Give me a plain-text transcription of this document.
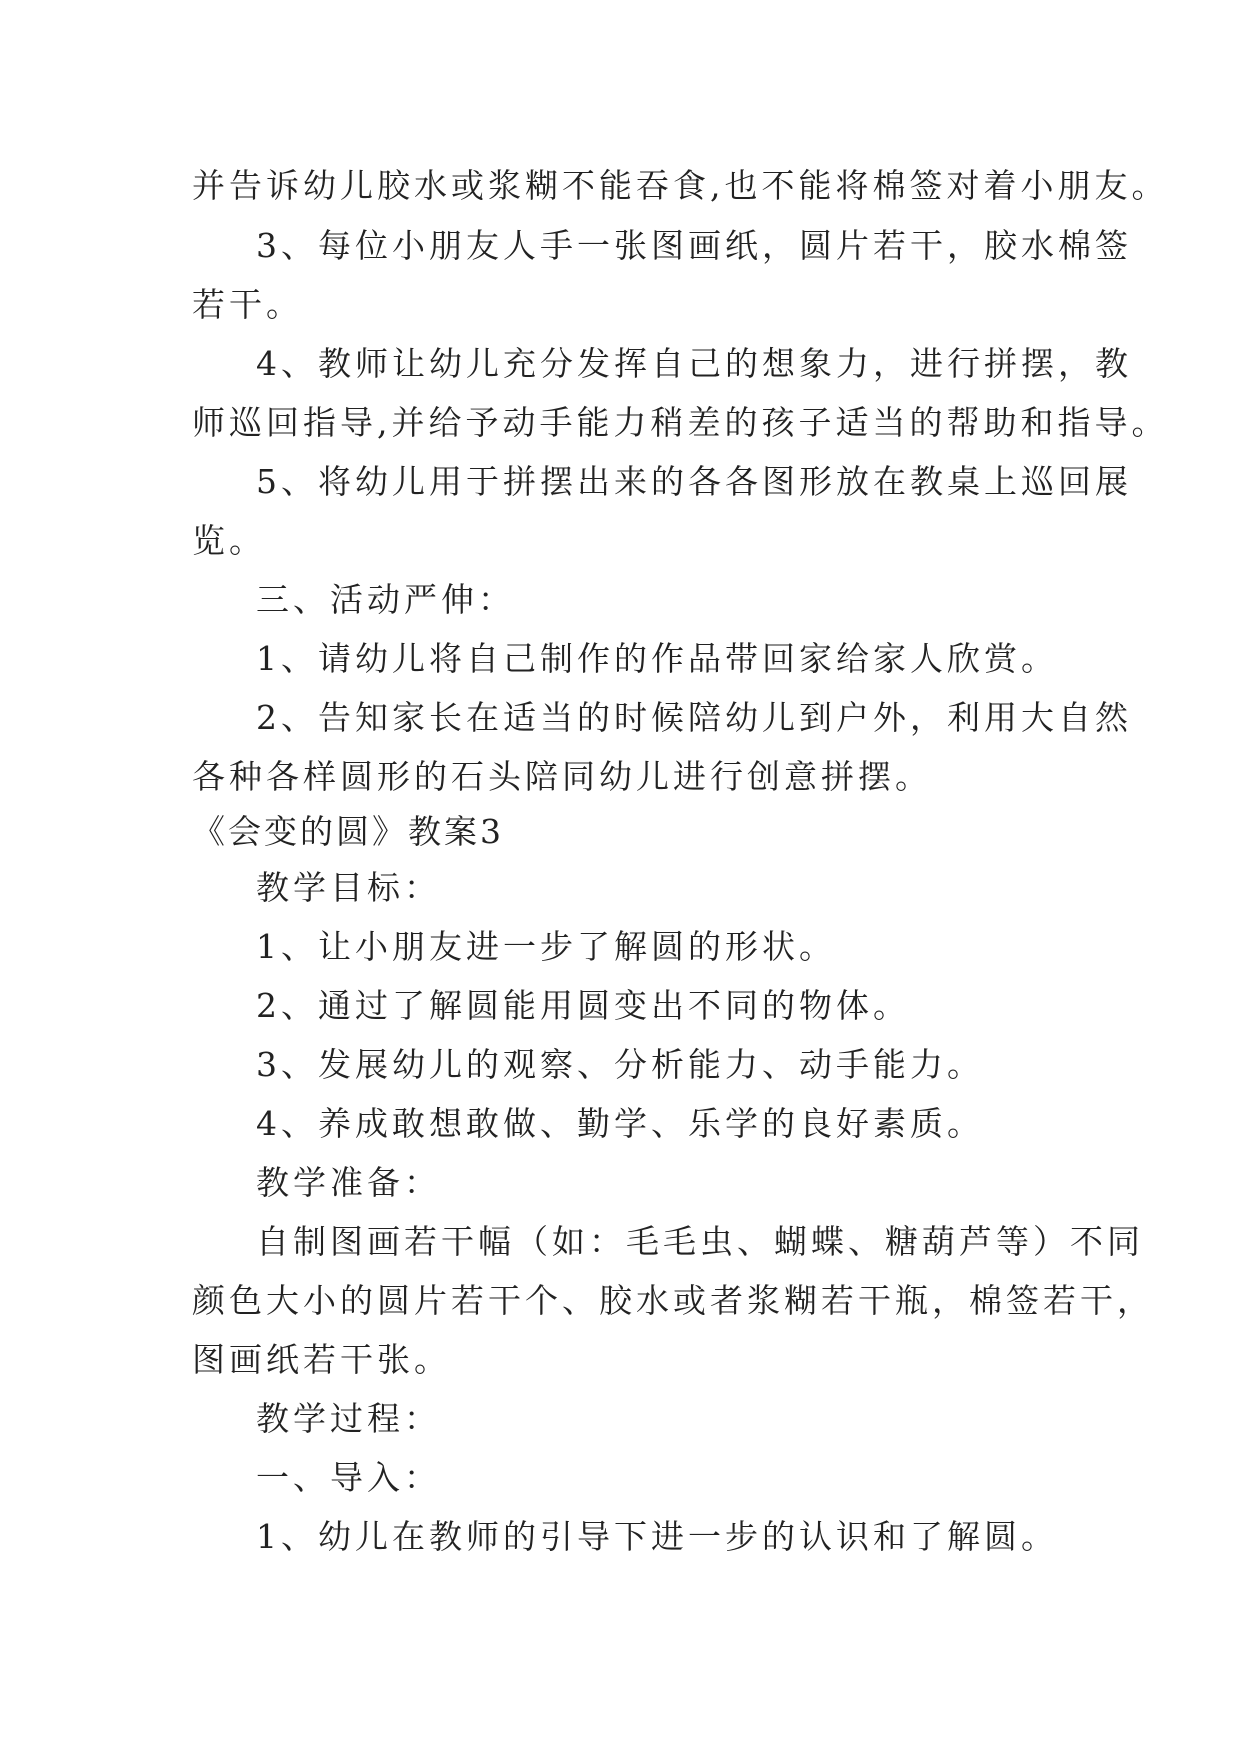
并告诉幼儿胶水或浆糊不能吞食,也不能将棉签对着小朋友。
3、每位小朋友人手一张图画纸，圆片若干，胶水棉签
若干。
4、教师让幼儿充分发挥自己的想象力，进行拼摆，教
师巡回指导,并给予动手能力稍差的孩子适当的帮助和指导。
5、将幼儿用于拼摆出来的各各图形放在教桌上巡回展
览。
三、活动严伸：
1、请幼儿将自己制作的作品带回家给家人欣赏。
2、告知家长在适当的时候陪幼儿到户外，利用大自然
各种各样圆形的石头陪同幼儿进行创意拼摆。
《会变的圆》教案3
教学目标：
1、让小朋友进一步了解圆的形状。
2、通过了解圆能用圆变出不同的物体。
3、发展幼儿的观察、分析能力、动手能力。
4、养成敢想敢做、勤学、乐学的良好素质。
教学准备：
自制图画若干幅（如：毛毛虫、蝴蝶、糖葫芦等）不同
颜色大小的圆片若干个、胶水或者浆糊若干瓶，棉签若干，
图画纸若干张。
教学过程：
一、导入：
1、幼儿在教师的引导下进一步的认识和了解圆。
